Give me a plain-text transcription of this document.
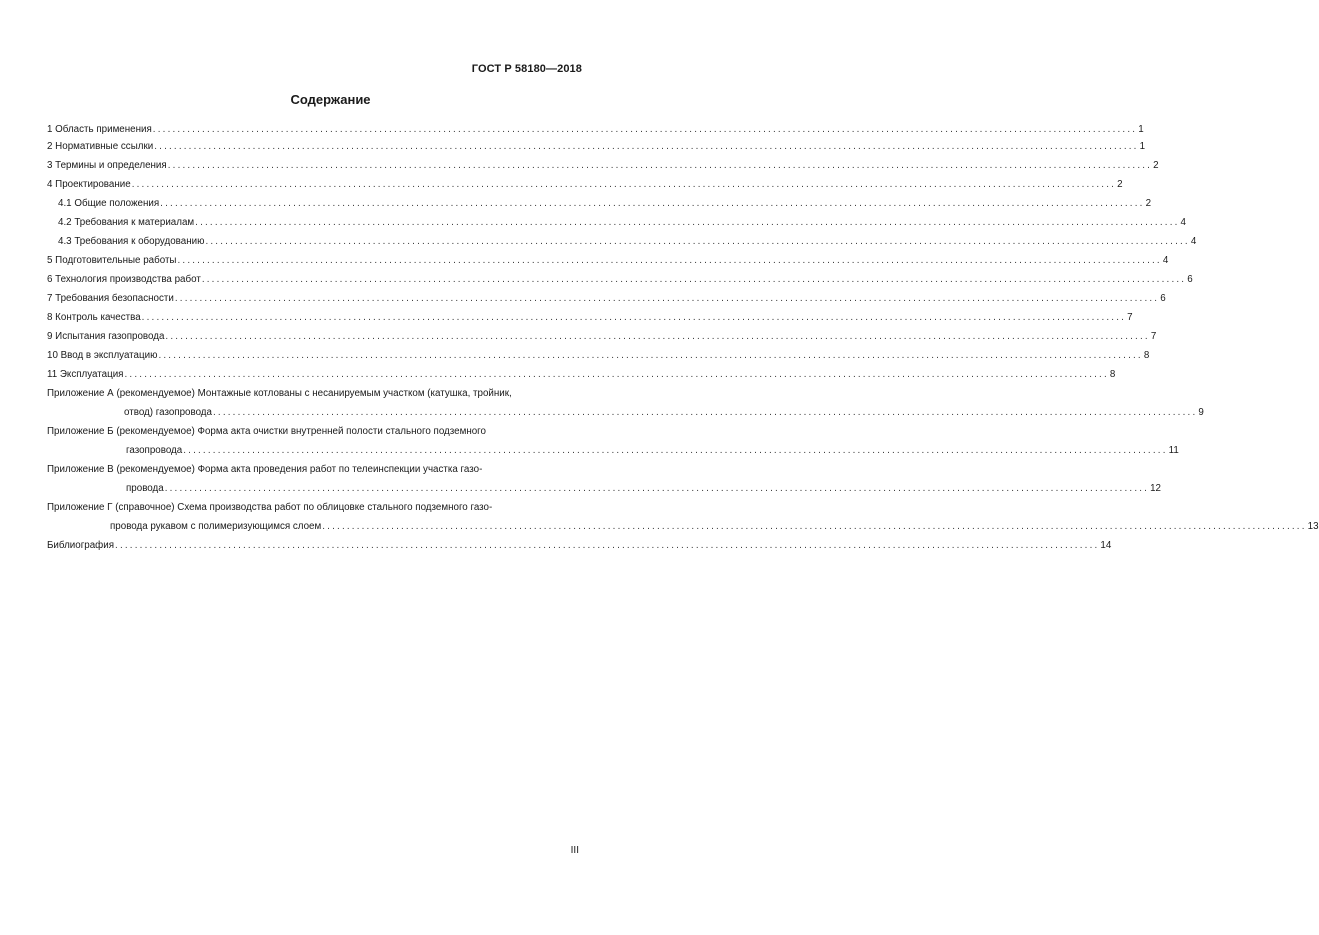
ГОСТ Р 58180—2018
Содержание
1 Область применения ........................................................................................................................................................................................................ 1
2 Нормативные ссылки ........................................................................................................................................................................................................ 1
3 Термины и определения ........................................................................................................................................................................................................ 2
4 Проектирование ........................................................................................................................................................................................................ 2
4.1 Общие положения ........................................................................................................................................................................................................ 2
4.2 Требования к материалам ........................................................................................................................................................................................................ 4
4.3 Требования к оборудованию ........................................................................................................................................................................................................ 4
5 Подготовительные работы ........................................................................................................................................................................................................ 4
6 Технология производства работ ........................................................................................................................................................................................................ 6
7 Требования безопасности ........................................................................................................................................................................................................ 6
8 Контроль качества ........................................................................................................................................................................................................ 7
9 Испытания газопровода ........................................................................................................................................................................................................ 7
10 Ввод в эксплуатацию ........................................................................................................................................................................................................ 8
11 Эксплуатация ........................................................................................................................................................................................................ 8
Приложение А (рекомендуемое) Монтажные котлованы с несанируемым участком (катушка, тройник,
отвод) газопровода ........................................................................................................................................................................................................ 9
Приложение Б (рекомендуемое) Форма акта очистки внутренней полости стального подземного
газопровода ........................................................................................................................................................................................................ 11
Приложение В (рекомендуемое) Форма акта проведения работ по телеинспекции участка газо-
провода ........................................................................................................................................................................................................ 12
Приложение Г (справочное) Схема производства работ по облицовке стального подземного газо-
провода рукавом с полимеризующимся слоем ........................................................................................................................................................................................................ 13
Библиография ........................................................................................................................................................................................................ 14
III
